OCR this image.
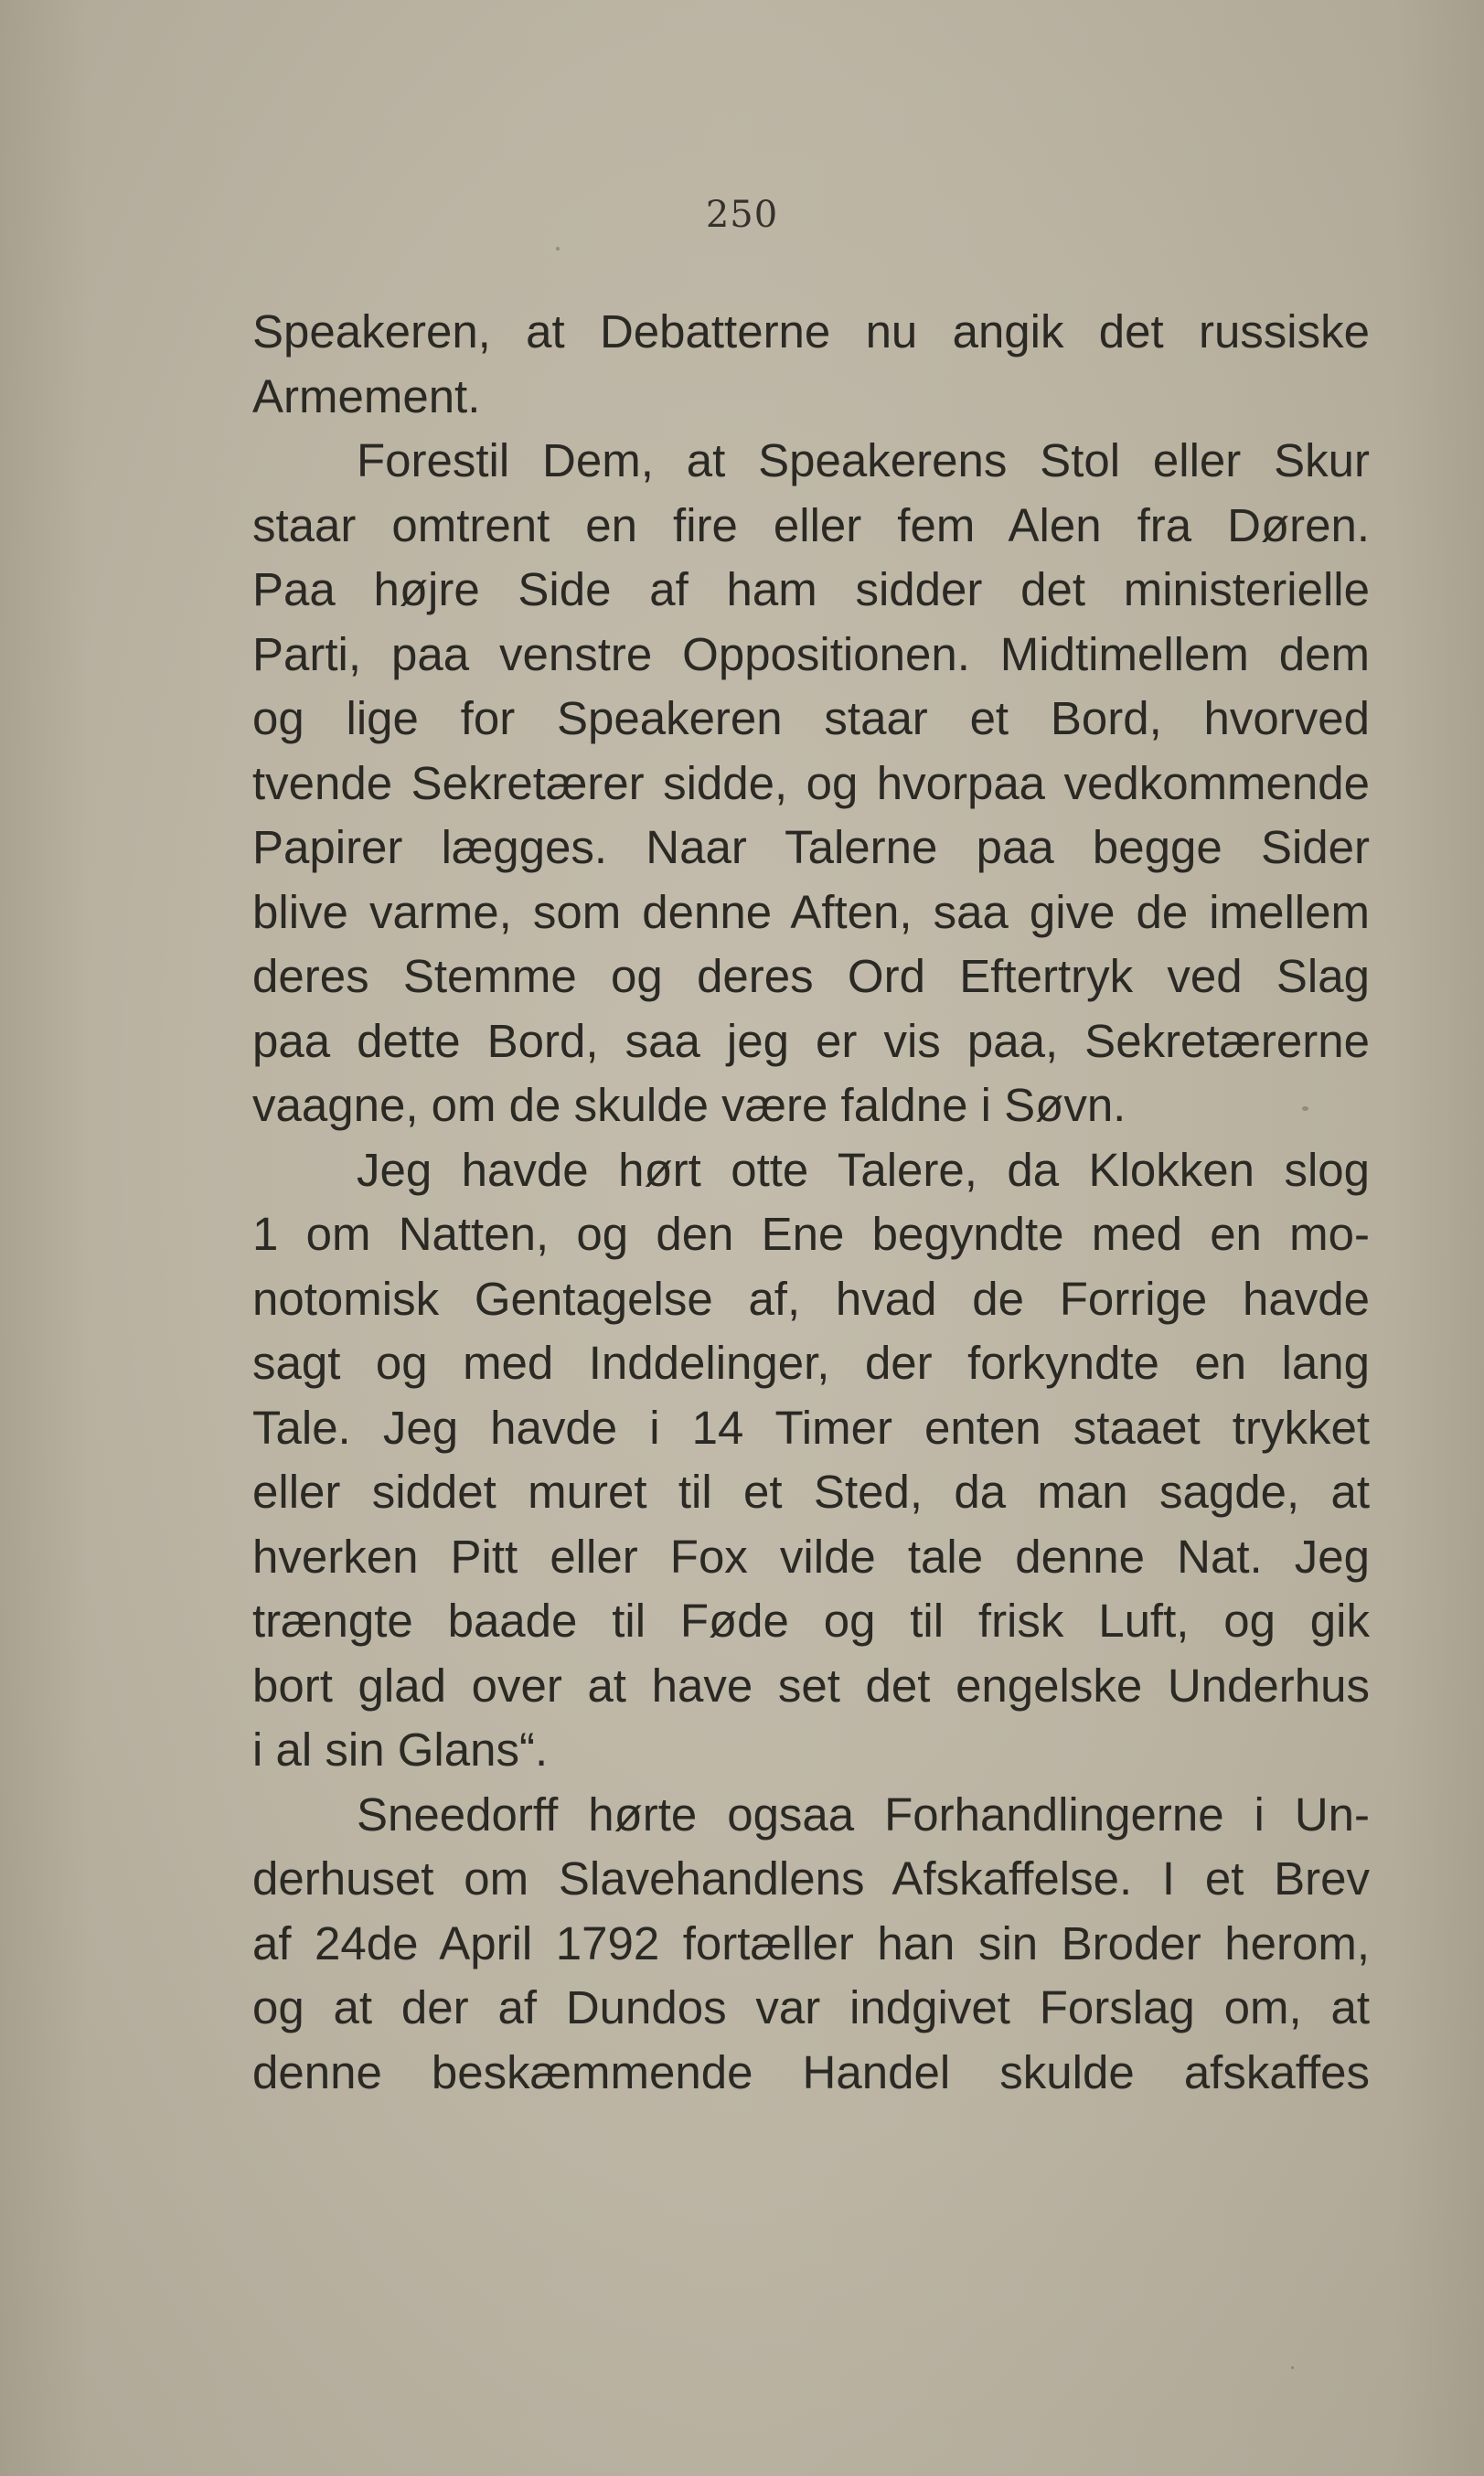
250
Speakeren, at Debatterne nu angik det russiske
Armement.
Forestil Dem, at Speakerens Stol eller Skur
staar omtrent en fire eller fem Alen fra Døren.
Paa højre Side af ham sidder det ministerielle
Parti, paa venstre Oppositionen. Midtimellem dem
og lige for Speakeren staar et Bord, hvorved
tvende Sekretærer sidde, og hvorpaa vedkommende
Papirer lægges. Naar Talerne paa begge Sider
blive varme, som denne Aften, saa give de imellem
deres Stemme og deres Ord Eftertryk ved Slag
paa dette Bord, saa jeg er vis paa, Sekretærerne
vaagne, om de skulde være faldne i Søvn.
Jeg havde hørt otte Talere, da Klokken slog
1 om Natten, og den Ene begyndte med en mo-
notomisk Gentagelse af, hvad de Forrige havde
sagt og med Inddelinger, der forkyndte en lang
Tale. Jeg havde i 14 Timer enten staaet trykket
eller siddet muret til et Sted, da man sagde, at
hverken Pitt eller Fox vilde tale denne Nat. Jeg
trængte baade til Føde og til frisk Luft, og gik
bort glad over at have set det engelske Underhus
i al sin Glans“.
Sneedorff hørte ogsaa Forhandlingerne i Un-
derhuset om Slavehandlens Afskaffelse. I et Brev
af 24de April 1792 fortæller han sin Broder herom,
og at der af Dundos var indgivet Forslag om, at
denne beskæmmende Handel skulde afskaffes
